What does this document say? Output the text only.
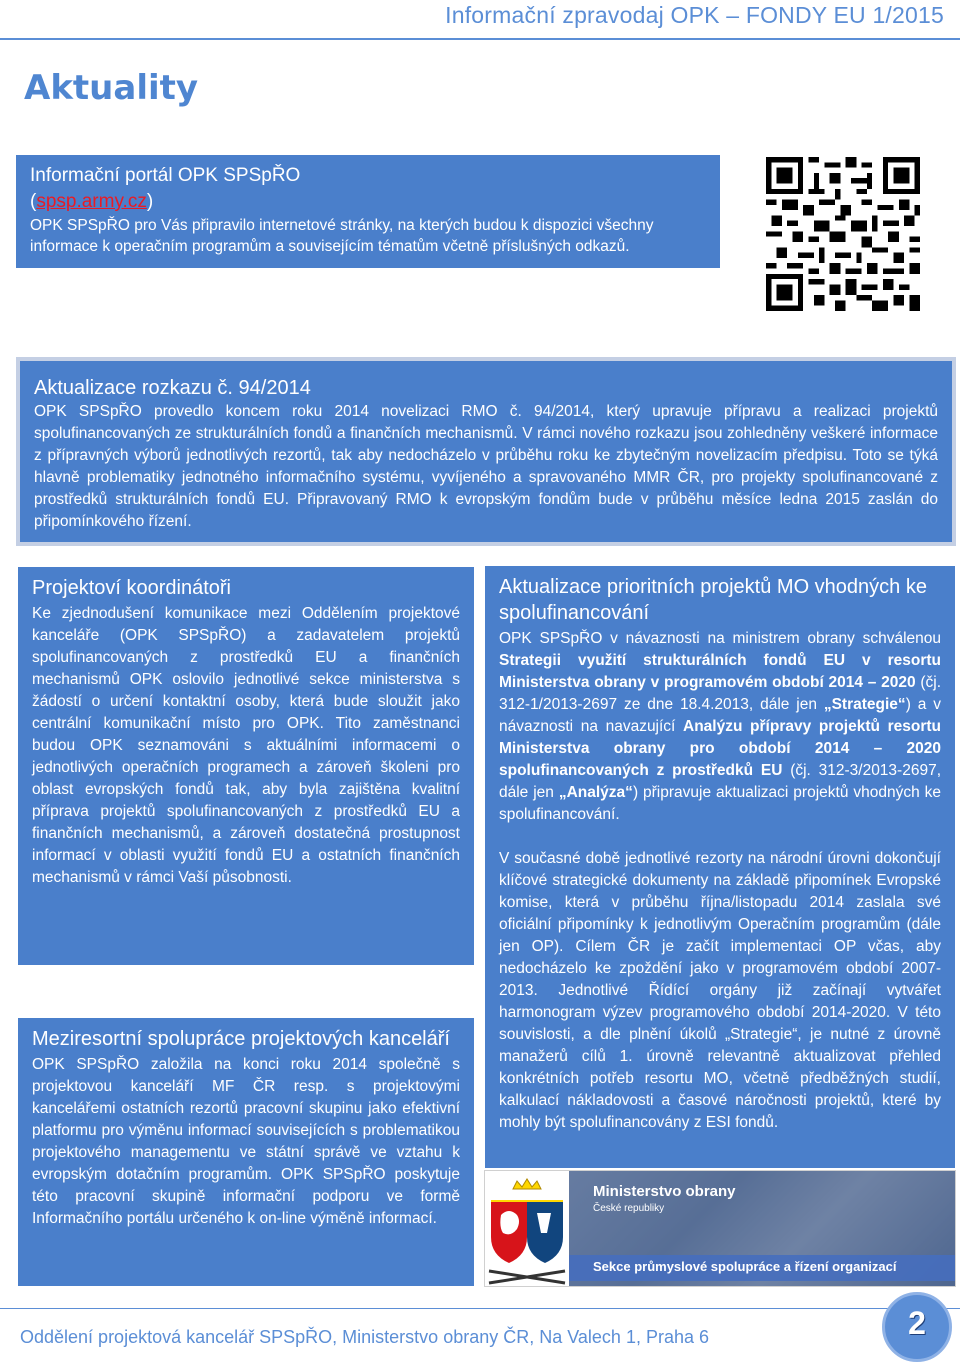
Informační zpravodaj OPK – FONDY EU 1/2015
Aktuality
Informační portál OPK SPSpŘO
(spsp.army.cz)

OPK SPSpŘO pro Vás připravilo internetové stránky, na kterých budou k dispozici všechny informace k operačním programům a souvisejícím tématům včetně příslušných odkazů.

Aktualizace rozkazu č. 94/2014

OPK SPSpŘO provedlo koncem roku 2014 novelizaci RMO č. 94/2014, který upravuje přípravu a realizaci projektů spolufinancovaných ze strukturálních fondů a finančních mechanismů. V rámci nového rozkazu jsou zohledněny veškeré informace z přípravných výborů jednotlivých rezortů, tak aby nedocházelo v průběhu roku ke zbytečným novelizacím předpisu. Toto se týká hlavně problematiky jednotného informačního systému, vyvíjeného a spravovaného MMR ČR, pro projekty spolufinancované z prostředků strukturálních fondů EU. Připravovaný RMO k evropským fondům bude v průběhu měsíce ledna 2015 zaslán do připomínkového řízení.

Projektoví koordinátoři

Ke zjednodušení komunikace mezi Oddělením projektové kanceláře (OPK SPSpŘO) a zadavatelem projektů spolufinancovaných z prostředků EU a finančních mechanismů OPK oslovilo jednotlivé sekce ministerstva s žádostí o určení kontaktní osoby, která bude sloužit jako centrální komunikační místo pro OPK. Tito zaměstnanci budou OPK seznamováni s aktuálními informacemi o jednotlivých operačních programech a zároveň školeni pro oblast evropských fondů tak, aby byla zajištěna kvalitní příprava projektů spolufinancovaných z prostředků EU a finančních mechanismů, a zároveň dostatečná prostupnost informací v oblasti využití fondů EU a ostatních finančních mechanismů v rámci Vaší působnosti.

Meziresortní spolupráce projektových kanceláří

OPK SPSpŘO založila na konci roku 2014 společně s projektovou kanceláří MF ČR resp. s projektovými kancelářemi ostatních rezortů pracovní skupinu jako efektivní platformu pro výměnu informací souvisejících s problematikou projektového managementu ve státní správě ve vztahu k evropským dotačním programům. OPK SPSpŘO poskytuje této pracovní skupině informační podporu ve formě Informačního portálu určeného k on-line výměně informací.

Aktualizace prioritních projektů MO vhodných ke spolufinancování

OPK SPSpŘO v návaznosti na ministrem obrany schválenou Strategii využití strukturálních fondů EU v resortu Ministerstva obrany v programovém období 2014 – 2020 (čj. 312-1/2013-2697 ze dne 18.4.2013, dále jen „Strategie“) a v návaznosti na navazující Analýzu přípravy projektů resortu Ministerstva obrany pro období 2014 – 2020 spolufinancovaných z prostředků EU (čj. 312-3/2013-2697, dále jen „Analýza“) připravuje aktualizaci projektů vhodných ke spolufinancování.

V současné době jednotlivé rezorty na národní úrovni dokončují klíčové strategické dokumenty na základě připomínek Evropské komise, která v průběhu října/listopadu 2014 zaslala své oficiální připomínky k jednotlivým Operačním programům (dále jen OP). Cílem ČR je začít implementaci OP včas, aby nedocházelo ke zpoždění jako v programovém období 2007-2013. Jednotlivé Řídící orgány již začínají vytvářet harmonogram výzev programového období 2014-2020. V této souvislosti, a dle plnění úkolů „Strategie“, je nutné z úrovně manažerů cílů 1. úrovně relevantně aktualizovat přehled konkrétních potřeb resortu MO, včetně předběžných studií, kalkulací nákladovosti a časové náročnosti projektů, které by mohly být spolufinancovány z ESI fondů.

Ministerstvo obrany
České republiky
Sekce průmyslové spolupráce a řízení organizací
Oddělení projektová kancelář SPSpŘO, Ministerstvo obrany ČR, Na Valech 1, Praha 6	2
